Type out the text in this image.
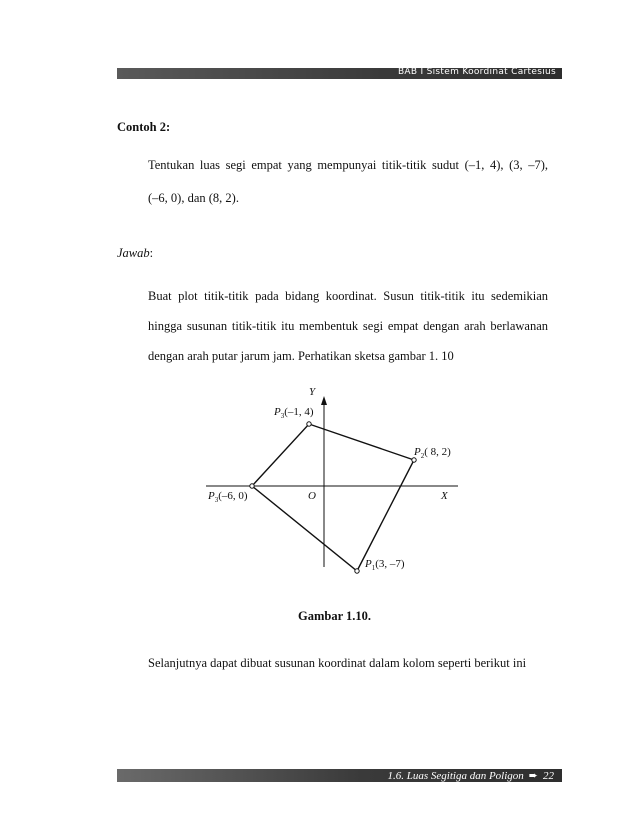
BAB I Sistem Koordinat Cartesius
Contoh 2:
Tentukan luas segi empat yang mempunyai titik-titik sudut (–1, 4), (3, –7),
(–6, 0), dan (8, 2).
Jawab:
Buat plot titik-titik pada bidang koordinat. Susun titik-titik itu sedemikian
hingga susunan titik-titik itu membentuk segi empat dengan arah berlawanan
dengan arah putar jarum jam. Perhatikan sketsa gambar 1. 10
Y
X
O
$P_3(-1$, 4)
$P_2$( 8, 2)
$P_3(-6$, 0)
$P_1(3$, –7)
Gambar 1.10.
Selanjutnya dapat dibuat susunan koordinat dalam kolom seperti berikut ini
1.6. Luas Segitiga dan Poligon ➨ 22
